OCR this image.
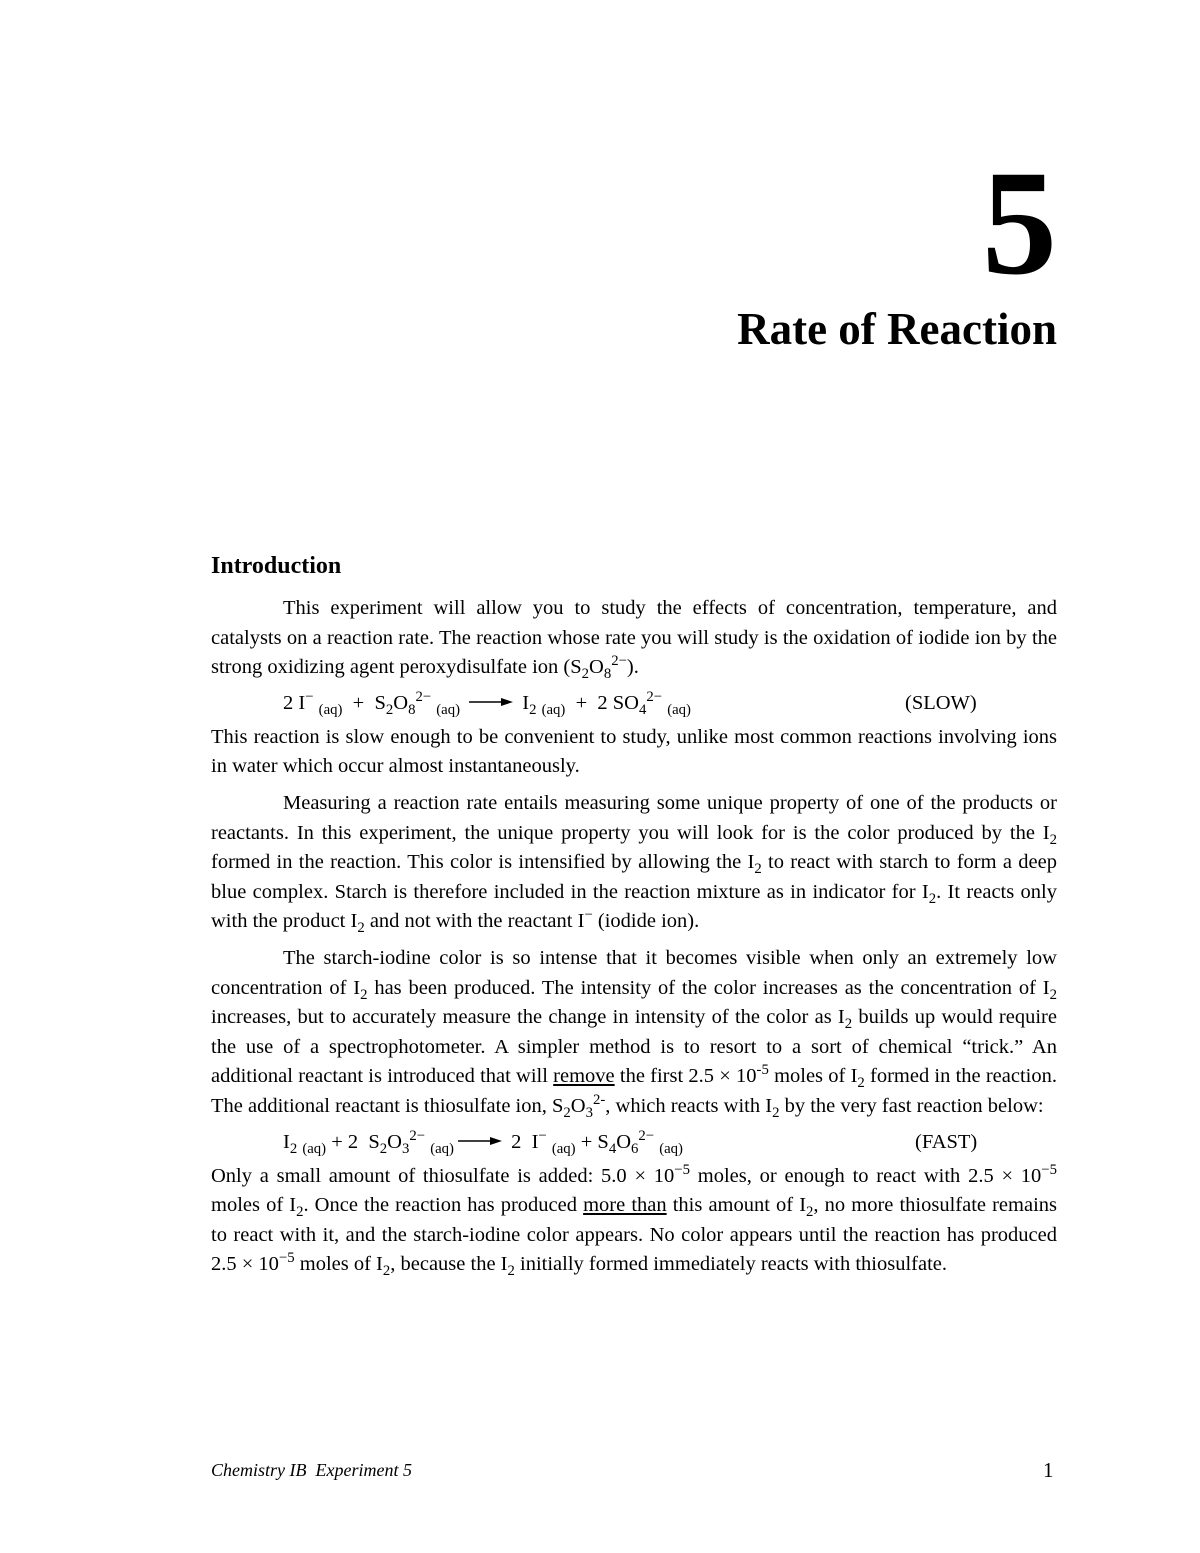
5
Rate of Reaction
Introduction

This experiment will allow you to study the effects of concentration, temperature, and catalysts on a reaction rate. The reaction whose rate you will study is the oxidation of iodide ion by the strong oxidizing agent peroxydisulfate ion $(S_2O_8^{2-})$.

2 I− $_{(aq)} + S_2O_8^{2-}$ $_{(aq)} \to I_2$ $_{(aq)}$  +  2 $SO_4^{2-}$ $_{(aq)}$	(SLOW)

This reaction is slow enough to be convenient to study, unlike most common reactions involving ions in water which occur almost instantaneously.

Measuring a reaction rate entails measuring some unique property of one of the products or reactants. In this experiment, the unique property you will look for is the color produced by the $I_2$ formed in the reaction. This color is intensified by allowing the $I_2$ to react with starch to form a deep blue complex. Starch is therefore included in the reaction mixture as in indicator for $I_2$. It reacts only with the product $I_2$ and not with the reactant I− (iodide ion).

The starch-iodine color is so intense that it becomes visible when only an extremely low concentration of $I_2$ has been produced. The intensity of the color increases as the concentration of $I_2$ increases, but to accurately measure the change in intensity of the color as $I_2$ builds up would require the use of a spectrophotometer. A simpler method is to resort to a sort of chemical “trick.” An additional reactant is introduced that will remove the first $2.5 \times 10^{-5}$ moles of $I_2$ formed in the reaction. The additional reactant is thiosulfate ion, $S_2O_3^{2-}$, which reacts with $I_2$ by the very fast reaction below:

$I_2$ $_{(aq)}$ + 2  $S_2O_3^{2-}$ $_{(aq)}$ → 2  I− $_{(aq)} + S_4O_6^{2-}$ $_{(aq)}$	(FAST)

Only a small amount of thiosulfate is added: $5.0 \times 10^{-5}$ moles, or enough to react with $2.5 \times 10^{-5}$ moles of $I_2$. Once the reaction has produced more than this amount of $I_2$, no more thiosulfate remains to react with it, and the starch-iodine color appears. No color appears until the reaction has produced $2.5 \times 10^{-5}$ moles of $I_2$, because the $I_2$ initially formed immediately reacts with thiosulfate.

Chemistry IB  Experiment 5	1
